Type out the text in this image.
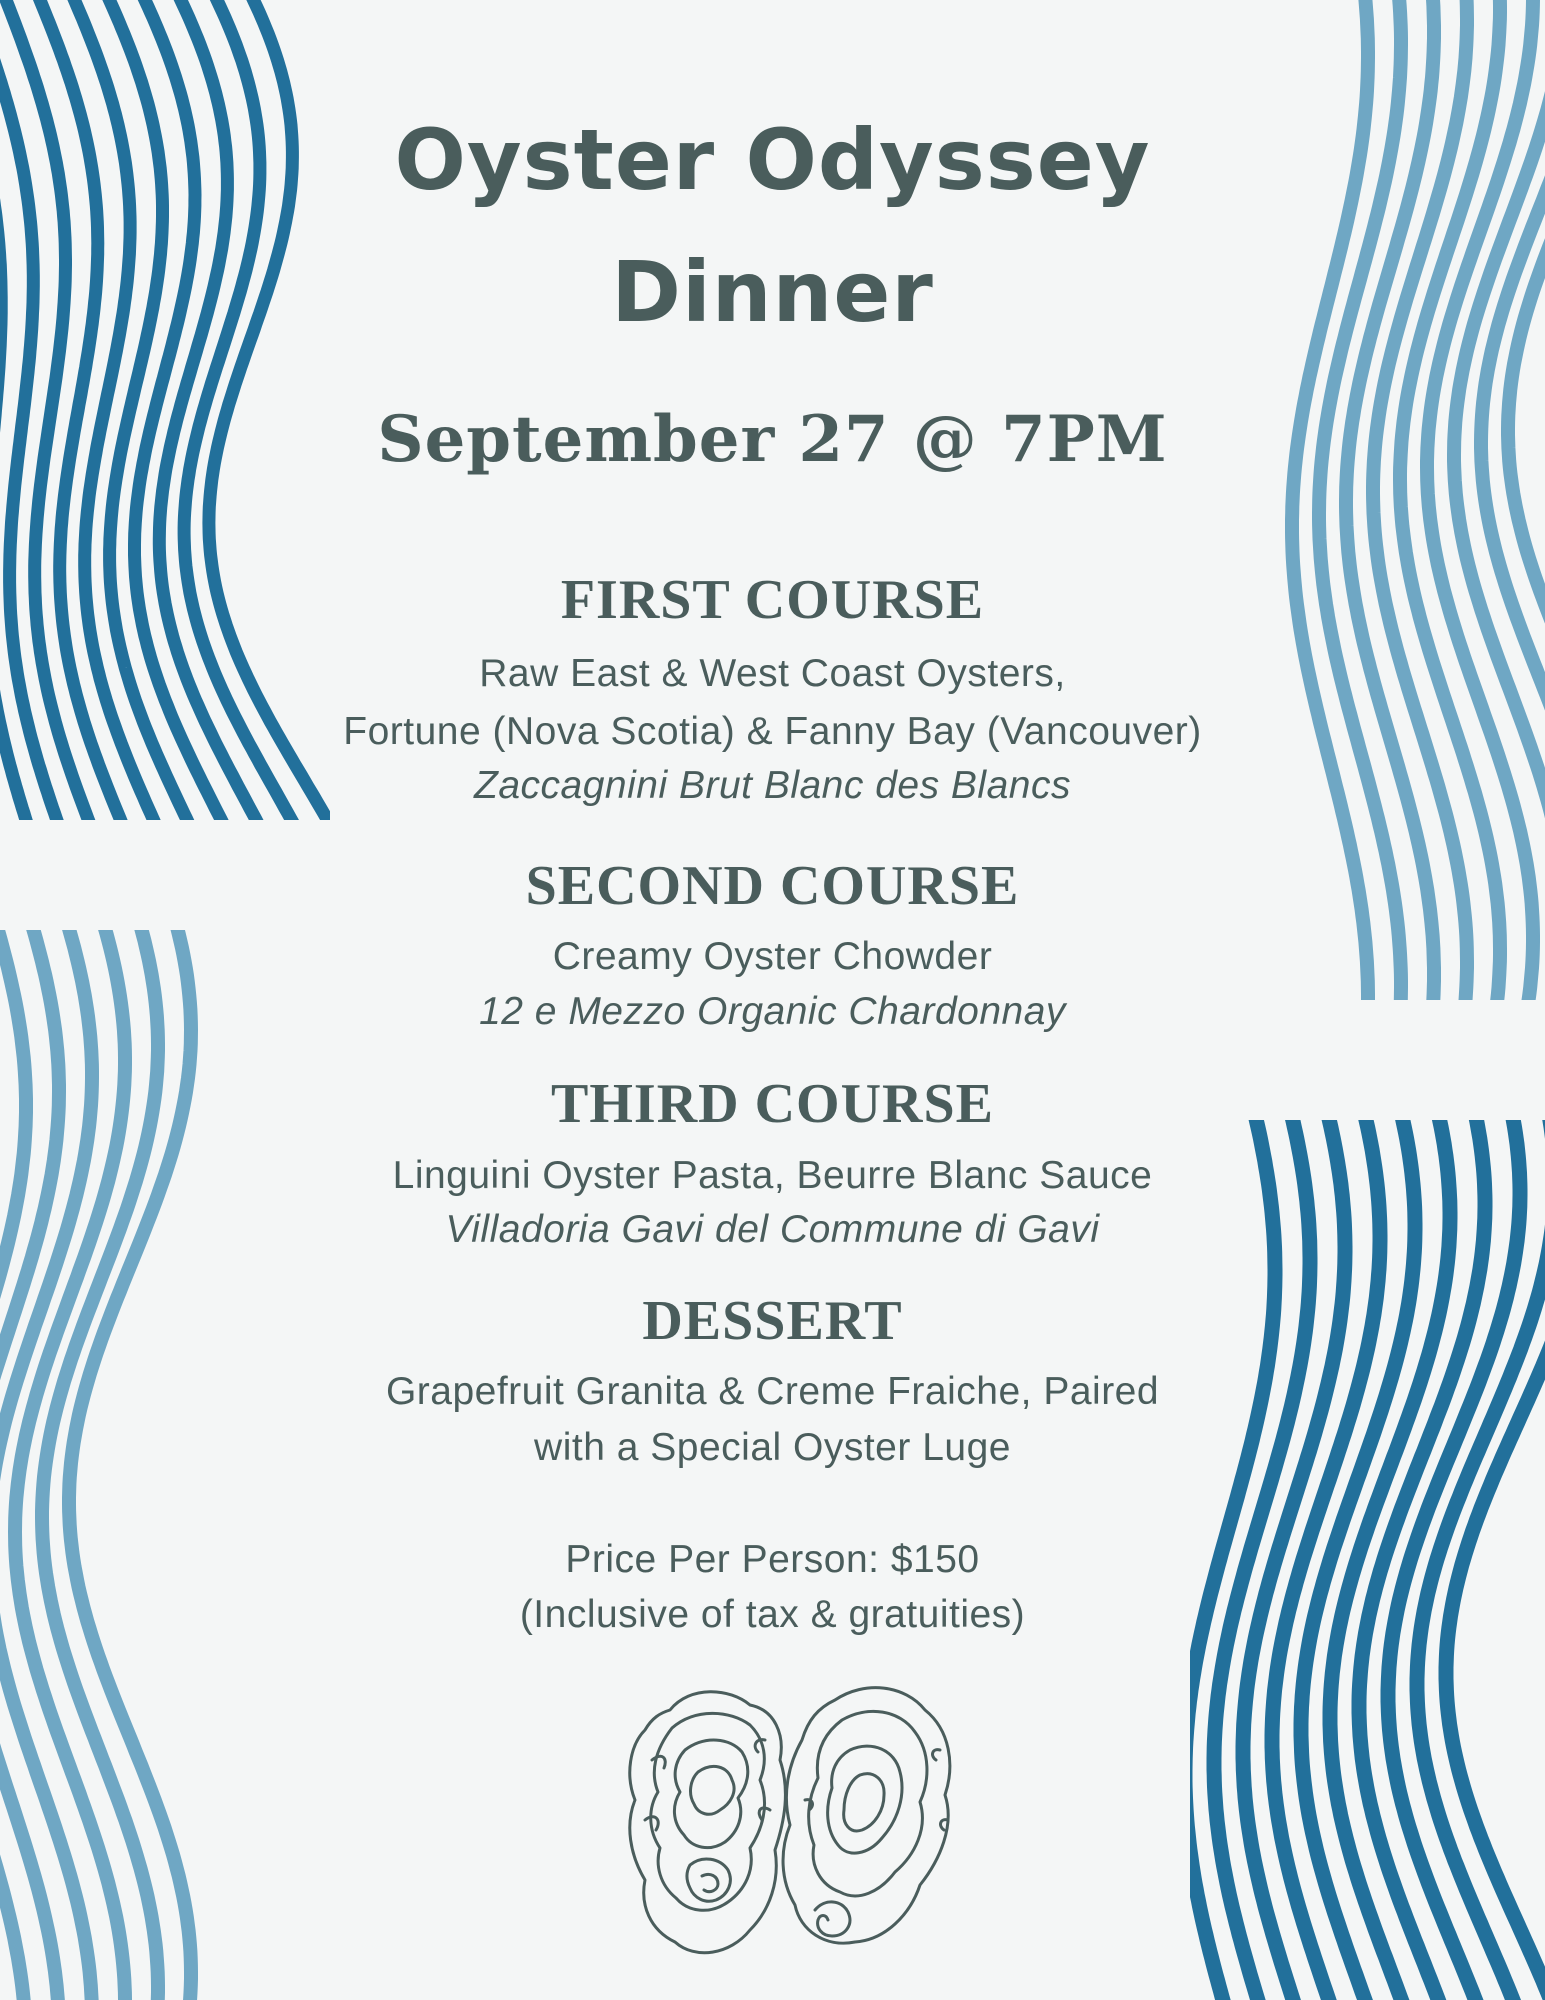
Oyster Odyssey
Dinner
September 27 @ 7PM
FIRST COURSE
Raw East & West Coast Oysters,
Fortune (Nova Scotia) & Fanny Bay (Vancouver)
Zaccagnini Brut Blanc des Blancs
SECOND COURSE
Creamy Oyster Chowder
12 e Mezzo Organic Chardonnay
THIRD COURSE
Linguini Oyster Pasta, Beurre Blanc Sauce
Villadoria Gavi del Commune di Gavi
DESSERT
Grapefruit Granita & Creme Fraiche, Paired
with a Special Oyster Luge
Price Per Person: $150
(Inclusive of tax & gratuities)
